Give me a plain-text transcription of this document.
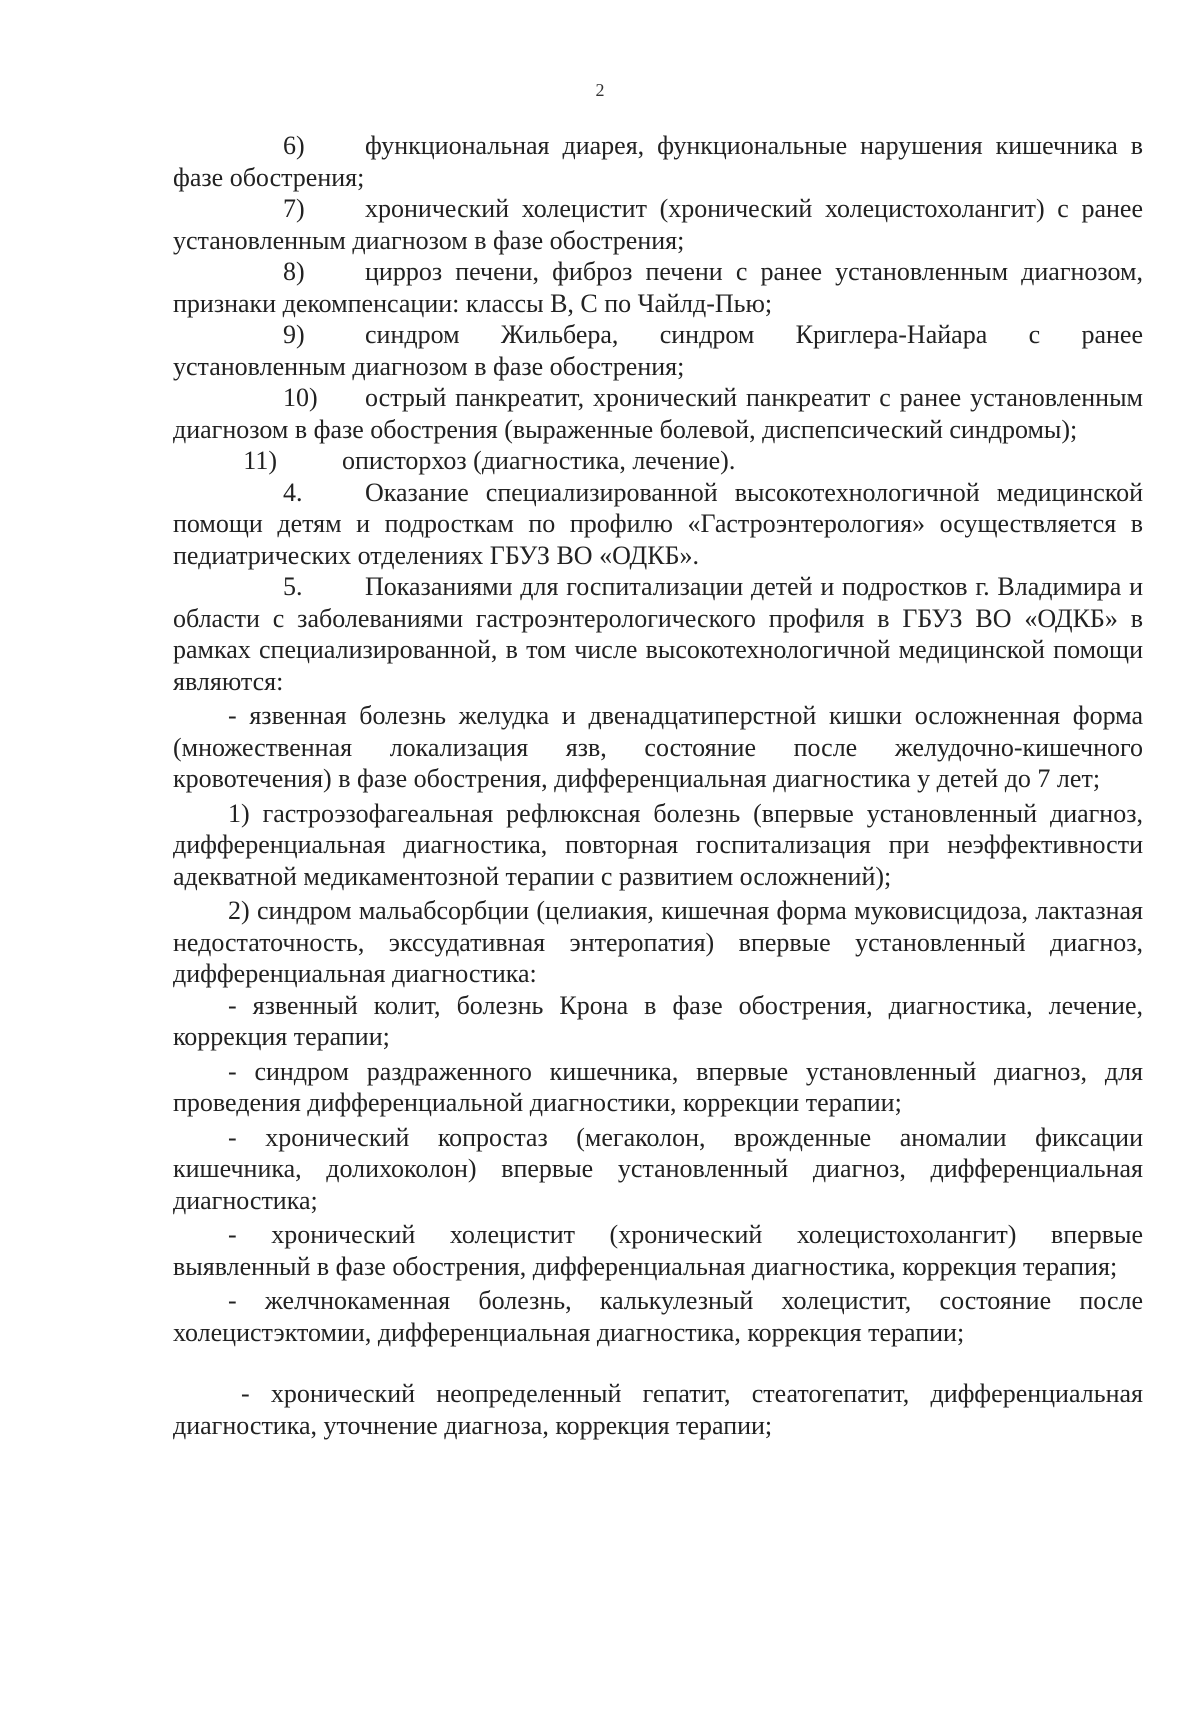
2

6) функциональная диарея, функциональные нарушения кишечника в фазе обострения;

7) хронический холецистит (хронический холецистохолангит) с ранее установленным диагнозом в фазе обострения;

8) цирроз печени, фиброз печени с ранее установленным диагнозом, признаки декомпенсации: классы В, С по Чайлд-Пью;

9) синдром Жильбера, синдром Криглера-Найара с ранее установленным диагнозом в фазе обострения;

10) острый панкреатит, хронический панкреатит с ранее установленным диагнозом в фазе обострения (выраженные болевой, диспепсический синдромы);

11)	описторхоз (диагностика, лечение).

4. Оказание специализированной высокотехнологичной медицинской помощи детям и подросткам по профилю «Гастроэнтерология» осуществляется в педиатрических отделениях ГБУЗ ВО «ОДКБ».

5. Показаниями для госпитализации детей и подростков г. Владимира и области с заболеваниями гастроэнтерологического профиля в ГБУЗ ВО «ОДКБ» в рамках специализированной, в том числе высокотехнологичной медицинской помощи являются:

- язвенная болезнь желудка и двенадцатиперстной кишки осложненная форма (множественная локализация язв, состояние после желудочно-кишечного кровотечения) в фазе обострения, дифференциальная диагностика у детей до 7 лет;

1) гастроэзофагеальная рефлюксная болезнь (впервые установленный диагноз, дифференциальная диагностика, повторная госпитализация при неэффективности адекватной медикаментозной терапии с развитием осложнений);

2) синдром мальабсорбции (целиакия, кишечная форма муковисцидоза, лактазная недостаточность, экссудативная энтеропатия) впервые установленный диагноз, дифференциальная диагностика:

- язвенный колит, болезнь Крона в фазе обострения, диагностика, лечение, коррекция терапии;

- синдром раздраженного кишечника, впервые установленный диагноз, для проведения дифференциальной диагностики, коррекции терапии;

- хронический копростаз (мегаколон, врожденные аномалии фиксации кишечника, долихоколон) впервые установленный диагноз, дифференциальная диагностика;

- хронический холецистит (хронический холецистохолангит) впервые выявленный в фазе обострения, дифференциальная диагностика, коррекция терапия;

- желчнокаменная болезнь, калькулезный холецистит, состояние после холецистэктомии, дифференциальная диагностика, коррекция терапии;

- хронический неопределенный гепатит, стеатогепатит, дифференциальная диагностика, уточнение диагноза, коррекция терапии;
